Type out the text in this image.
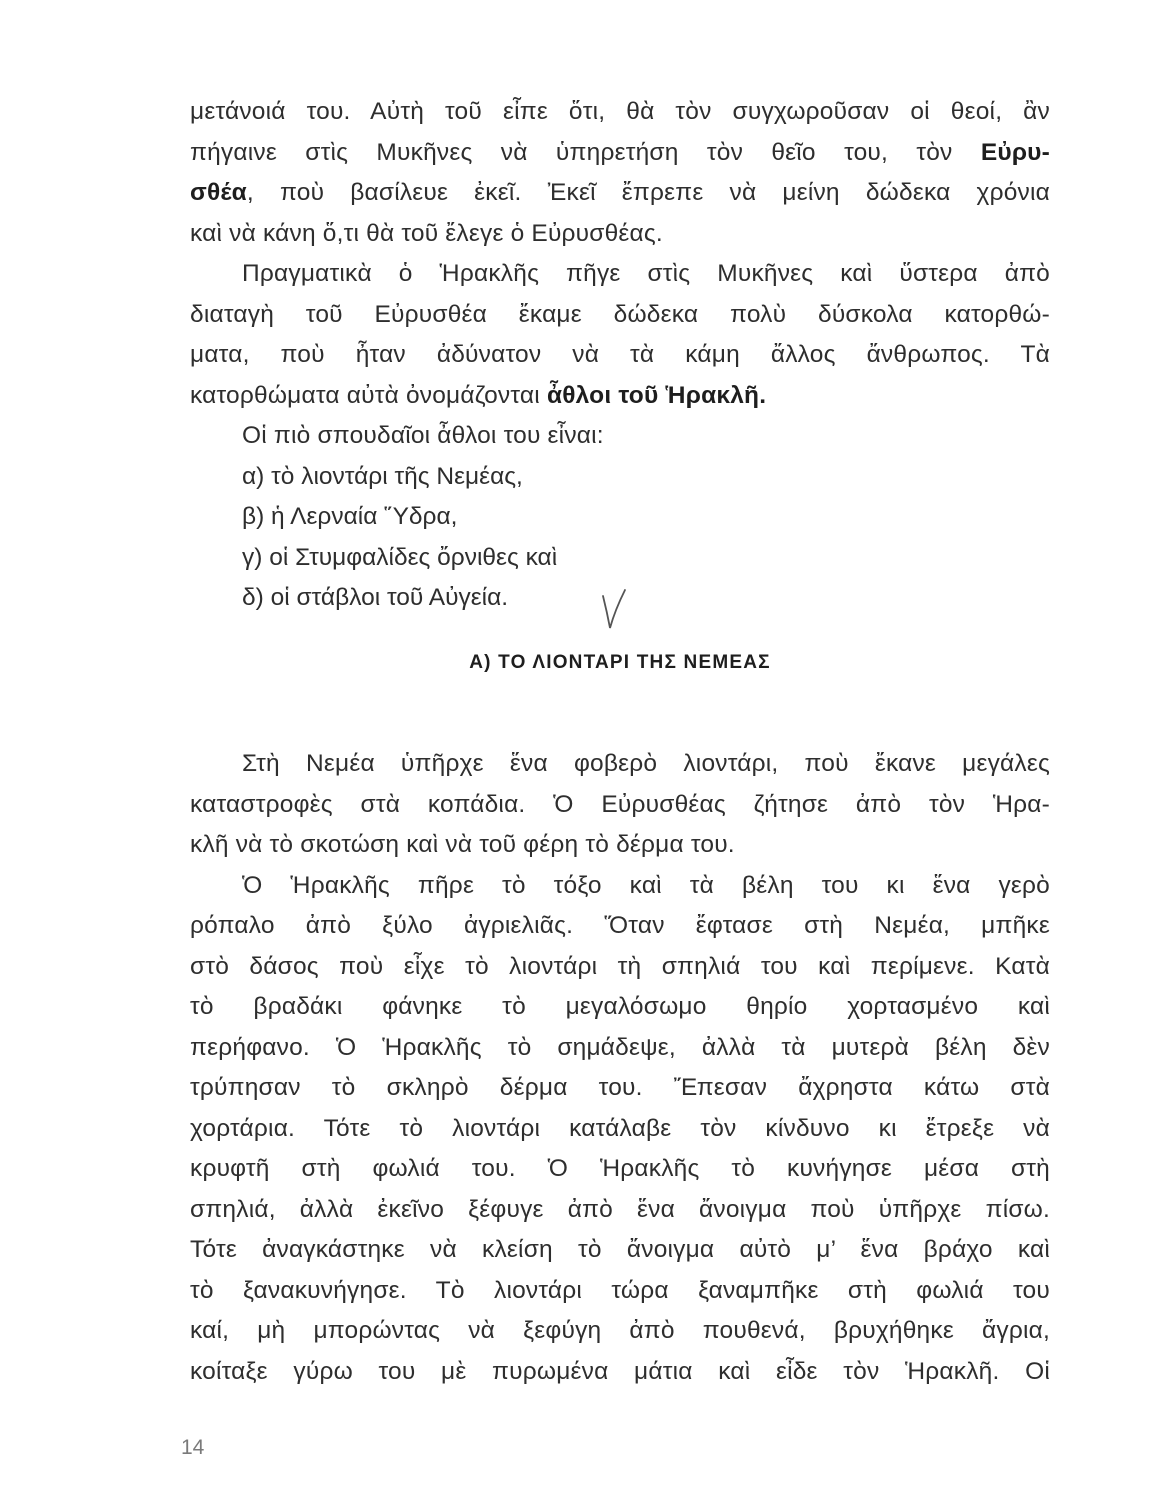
μετάνοιά του. Αὐτὴ τοῦ εἶπε ὅτι, θὰ τὸν συγχωροῦσαν οἱ θεοί, ἂν
πήγαινε στὶς Μυκῆνες νὰ ὑπηρετήση τὸν θεῖο του, τὸν Εὐρυ-
σθέα, ποὺ βασίλευε ἐκεῖ. Ἐκεῖ ἔπρεπε νὰ μείνη δώδεκα χρόνια
καὶ νὰ κάνη ὅ,τι θὰ τοῦ ἔλεγε ὁ Εὐρυσθέας.
Πραγματικὰ ὁ Ἡρακλῆς πῆγε στὶς Μυκῆνες καὶ ὕστερα ἀπὸ
διαταγὴ τοῦ Εὐρυσθέα ἔκαμε δώδεκα πολὺ δύσκολα κατορθώ-
ματα, ποὺ ἦταν ἀδύνατον νὰ τὰ κάμη ἄλλος ἄνθρωπος. Τὰ
κατορθώματα αὐτὰ ὀνομάζονται ἆθλοι τοῦ Ἡρακλῆ.
Οἱ πιὸ σπουδαῖοι ἆθλοι του εἶναι:
α) τὸ λιοντάρι τῆς Νεμέας,
β) ἡ Λερναία Ὕδρα,
γ) οἱ Στυμφαλίδες ὄρνιθες καὶ
δ) οἱ στάβλοι τοῦ Αὐγεία.
Α) ΤΟ ΛΙΟΝΤΑΡΙ ΤΗΣ ΝΕΜΕΑΣ
Στὴ Νεμέα ὑπῆρχε ἕνα φοβερὸ λιοντάρι, ποὺ ἔκανε μεγάλες
καταστροφὲς στὰ κοπάδια. Ὁ Εὐρυσθέας ζήτησε ἀπὸ τὸν Ἡρα-
κλῆ νὰ τὸ σκοτώση καὶ νὰ τοῦ φέρη τὸ δέρμα του.
Ὁ Ἡρακλῆς πῆρε τὸ τόξο καὶ τὰ βέλη του κι ἕνα γερὸ
ρόπαλο ἀπὸ ξύλο ἀγριελιᾶς. Ὅταν ἔφτασε στὴ Νεμέα, μπῆκε
στὸ δάσος ποὺ εἶχε τὸ λιοντάρι τὴ σπηλιά του καὶ περίμενε. Κατὰ
τὸ βραδάκι φάνηκε τὸ μεγαλόσωμο θηρίο χορτασμένο καὶ
περήφανο. Ὁ Ἡρακλῆς τὸ σημάδεψε, ἀλλὰ τὰ μυτερὰ βέλη δὲν
τρύπησαν τὸ σκληρὸ δέρμα του. Ἔπεσαν ἄχρηστα κάτω στὰ
χορτάρια. Τότε τὸ λιοντάρι κατάλαβε τὸν κίνδυνο κι ἔτρεξε νὰ
κρυφτῆ στὴ φωλιά του. Ὁ Ἡρακλῆς τὸ κυνήγησε μέσα στὴ
σπηλιά, ἀλλὰ ἐκεῖνο ξέφυγε ἀπὸ ἕνα ἄνοιγμα ποὺ ὑπῆρχε πίσω.
Τότε ἀναγκάστηκε νὰ κλείση τὸ ἄνοιγμα αὐτὸ μ’ ἕνα βράχο καὶ
τὸ ξανακυνήγησε. Τὸ λιοντάρι τώρα ξαναμπῆκε στὴ φωλιά του
καί, μὴ μπορώντας νὰ ξεφύγη ἀπὸ πουθενά, βρυχήθηκε ἄγρια,
κοίταξε γύρω του μὲ πυρωμένα μάτια καὶ εἶδε τὸν Ἡρακλῆ. Οἱ
14
